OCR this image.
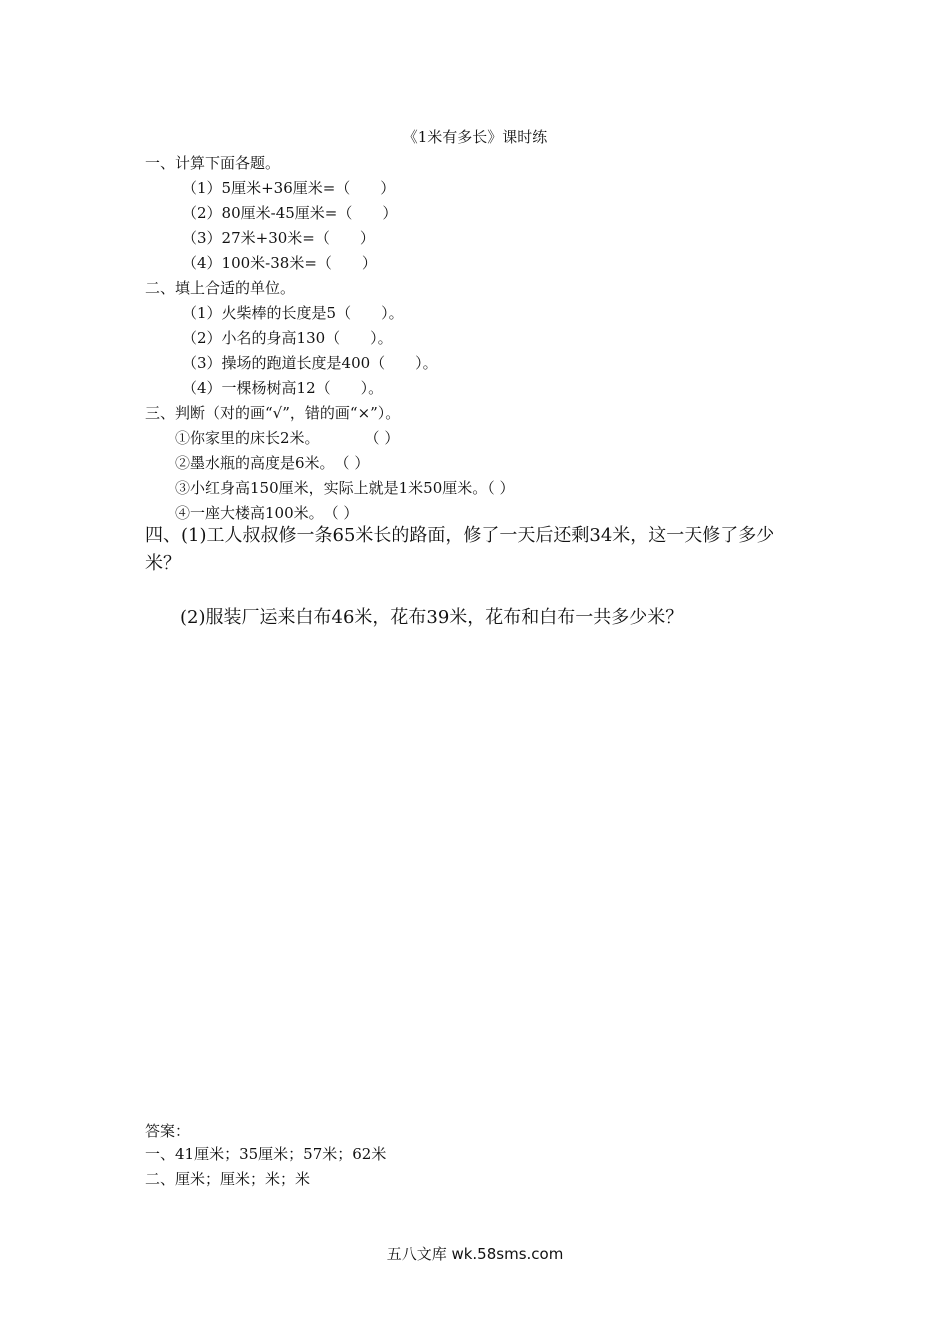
《1米有多长》课时练
一、计算下面各题。
（1）5厘米+36厘米=（　　）
（2）80厘米-45厘米=（　　）
（3）27米+30米=（　　）
（4）100米-38米=（　　）
二、填上合适的单位。
（1）火柴棒的长度是5（　　）。
（2）小名的身高130（　　）。
（3）操场的跑道长度是400（　　）。
（4）一棵杨树高12（　　）。
三、判断（对的画“√”，错的画“×”）。
①你家里的床长2米。　　　　（ ）
②墨水瓶的高度是6米。　（ ）
③小红身高150厘米，实际上就是1米50厘米。（ ）
④一座大楼高100米。　（ ）
四、(1)工人叔叔修一条65米长的路面，修了一天后还剩34米，这一天修了多少米？
(2)服装厂运来白布46米，花布39米，花布和白布一共多少米？
答案：
一、41厘米；35厘米；57米；62米
二、厘米；厘米；米；米
五八文库 wk.58sms.com
